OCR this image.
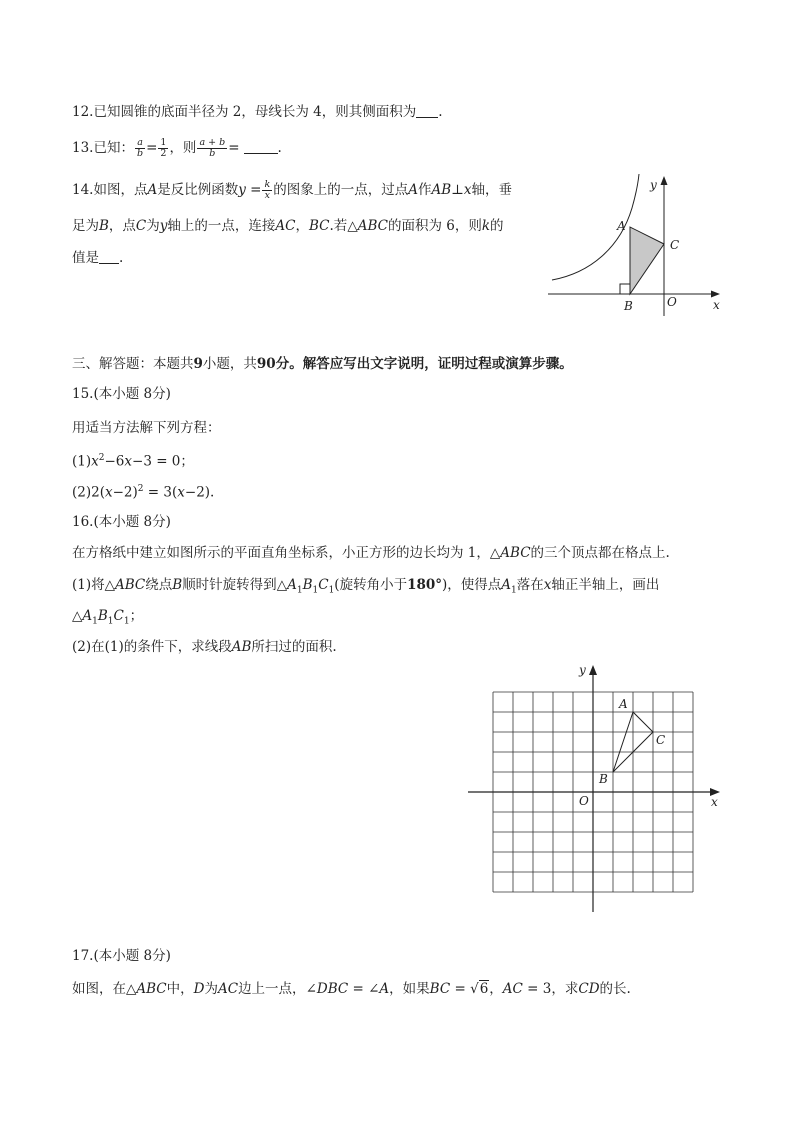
12.已知圆锥的底面半径为 2，母线长为 4，则其侧面积为 .
13.已知： $\frac{a}{b} = \frac{1}{2}$ ，则 $\frac{a + b}{b}$ =	.
14.如图，点A是反比例函数$y = \frac{k}{x}$ 的图象上的一点，过点A作AB⊥x轴，垂
足为B，点C为y轴上的一点，连接AC，BC.若△ABC的面积为 6，则k的
值是 .
A
B
C
O	x
y
三、解答题：本题共9小题，共90分。解答应写出文字说明，证明过程或演算步骤。
15.(本小题 8分)
用适当方法解下列方程：
$(1)x^2-6x-3 = 0$；
$(2)2(x-2)^2 = 3(x-2)$.
16.(本小题 8分)
在方格纸中建立如图所示的平面直角坐标系，小正方形的边长均为 1，△ABC的三个顶点都在格点上.
(1)将△ABC绕点B顺时针旋转得到$\triangle A_1B_1C_1$(旋转角小于180°)，使得点$A_1$落在x轴正半轴上，画出
$\triangle A_1B_1C_1$；
(2)在(1)的条件下，求线段AB所扫过的面积.
A
B
C
O	x
y
17.(本小题 8分)
如图，在△ABC中，D为AC边上一点，∠DBC = ∠A，如果BC = √6，AC = 3，求CD的长.
